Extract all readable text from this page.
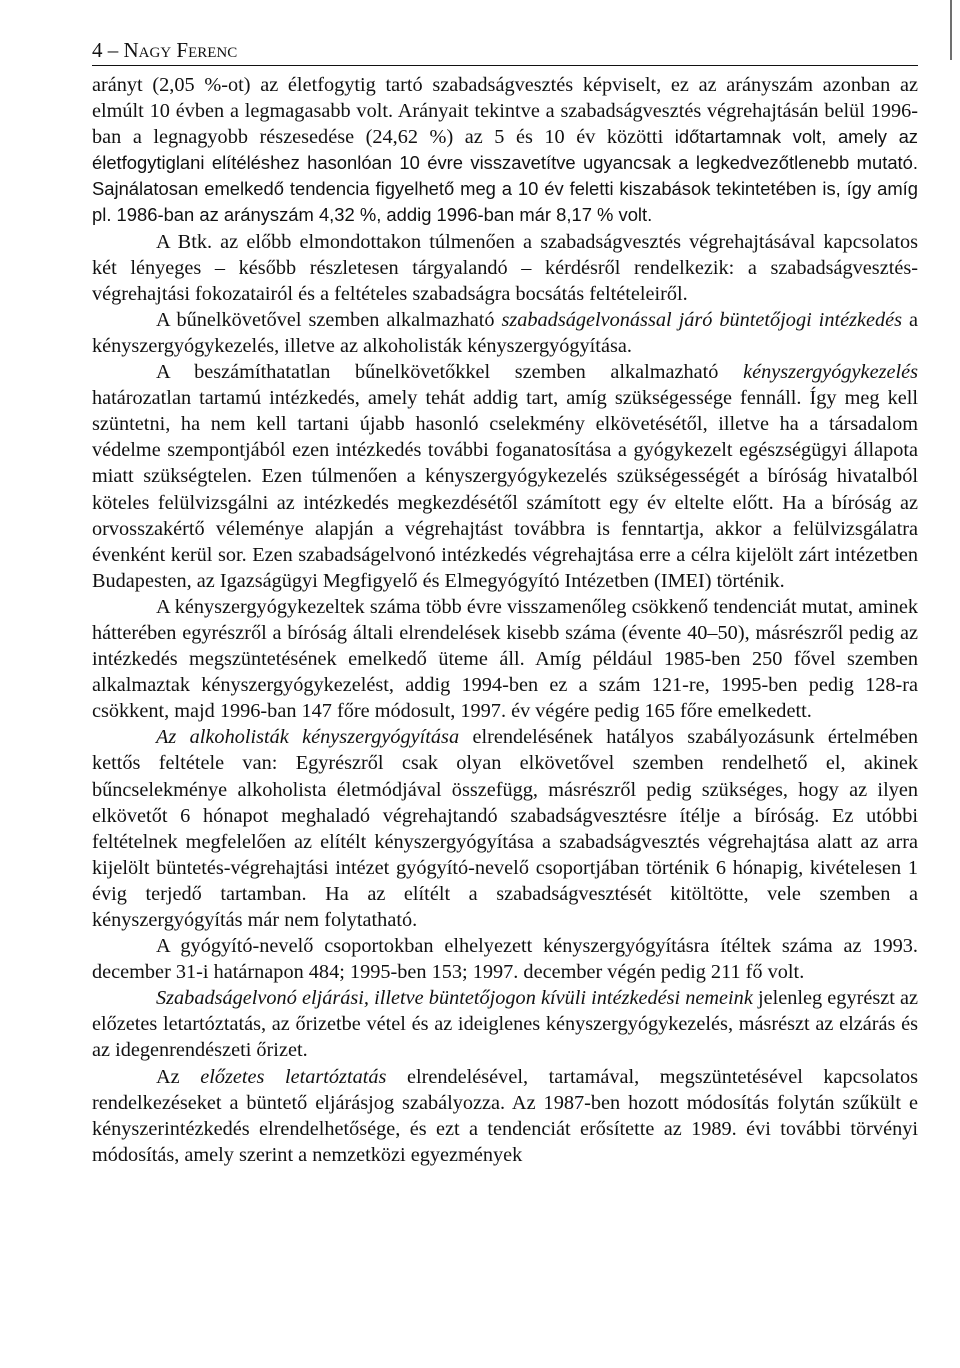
4 – Nagy Ferenc

arányt (2,05 %-ot) az életfogytig tartó szabadságvesztés képviselt, ez az arányszám azonban az elmúlt 10 évben a legmagasabb volt. Arányait tekintve a szabadságvesztés végrehajtásán belül 1996-ban a legnagyobb részesedése (24,62 %) az 5 és 10 év közötti időtartamnak volt, amely az életfogytiglani elítéléshez hasonlóan 10 évre visszavetítve ugyancsak a legkedvezőtlenebb mutató. Sajnálatosan emelkedő tendencia figyelhető meg a 10 év feletti kiszabások tekintetében is, így amíg pl. 1986-ban az arányszám 4,32 %, addig 1996-ban már 8,17 % volt.

A Btk. az előbb elmondottakon túlmenően a szabadságvesztés végrehajtásával kapcsolatos két lényeges – később részletesen tárgyalandó – kérdésről rendelkezik: a szabadságvesztés-végrehajtási fokozatairól és a feltételes szabadságra bocsátás feltételeiről.

A bűnelkövetővel szemben alkalmazható szabadságelvonással járó büntetőjogi intézkedés a kényszergyógykezelés, illetve az alkoholisták kényszergyógyítása.

A beszámíthatatlan bűnelkövetőkkel szemben alkalmazható kényszergyógykezelés határozatlan tartamú intézkedés, amely tehát addig tart, amíg szükségessége fennáll. Így meg kell szüntetni, ha nem kell tartani újabb hasonló cselekmény elkövetésétől, illetve ha a társadalom védelme szempontjából ezen intézkedés további foganatosítása a gyógykezelt egészségügyi állapota miatt szükségtelen. Ezen túlmenően a kényszergyógykezelés szükségességét a bíróság hivatalból köteles felülvizsgálni az intézkedés megkezdésétől számított egy év eltelte előtt. Ha a bíróság az orvosszakértő véleménye alapján a végrehajtást továbbra is fenntartja, akkor a felülvizsgálatra évenként kerül sor. Ezen szabadságelvonó intézkedés végrehajtása erre a célra kijelölt zárt intézetben Budapesten, az Igazságügyi Megfigyelő és Elmegyógyító Intézetben (IMEI) történik.

A kényszergyógykezeltek száma több évre visszamenőleg csökkenő tendenciát mutat, aminek hátterében egyrészről a bíróság általi elrendelések kisebb száma (évente 40–50), másrészről pedig az intézkedés megszüntetésének emelkedő üteme áll. Amíg például 1985-ben 250 fővel szemben alkalmaztak kényszergyógykezelést, addig 1994-ben ez a szám 121-re, 1995-ben pedig 128-ra csökkent, majd 1996-ban 147 főre módosult, 1997. év végére pedig 165 főre emelkedett.

Az alkoholisták kényszergyógyítása elrendelésének hatályos szabályozásunk értelmében kettős feltétele van: Egyrészről csak olyan elkövetővel szemben rendelhető el, akinek bűncselekménye alkoholista életmódjával összefügg, másrészről pedig szükséges, hogy az ilyen elkövetőt 6 hónapot meghaladó végrehajtandó szabadságvesztésre ítélje a bíróság. Ez utóbbi feltételnek megfelelően az elítélt kényszergyógyítása a szabadságvesztés végrehajtása alatt az arra kijelölt büntetés-végrehajtási intézet gyógyító-nevelő csoportjában történik 6 hónapig, kivételesen 1 évig terjedő tartamban. Ha az elítélt a szabadságvesztését kitöltötte, vele szemben a kényszergyógyítás már nem folytatható.

A gyógyító-nevelő csoportokban elhelyezett kényszergyógyításra ítéltek száma az 1993. december 31-i határnapon 484; 1995-ben 153; 1997. december végén pedig 211 fő volt.

Szabadságelvonó eljárási, illetve büntetőjogon kívüli intézkedési nemeink jelenleg egyrészt az előzetes letartóztatás, az őrizetbe vétel és az ideiglenes kényszergyógykezelés, másrészt az elzárás és az idegenrendészeti őrizet.

Az előzetes letartóztatás elrendelésével, tartamával, megszüntetésével kapcsolatos rendelkezéseket a büntető eljárásjog szabályozza. Az 1987-ben hozott módosítás folytán szűkült e kényszerintézkedés elrendelhetősége, és ezt a tendenciát erősítette az 1989. évi további törvényi módosítás, amely szerint a nemzetközi egyezmények
